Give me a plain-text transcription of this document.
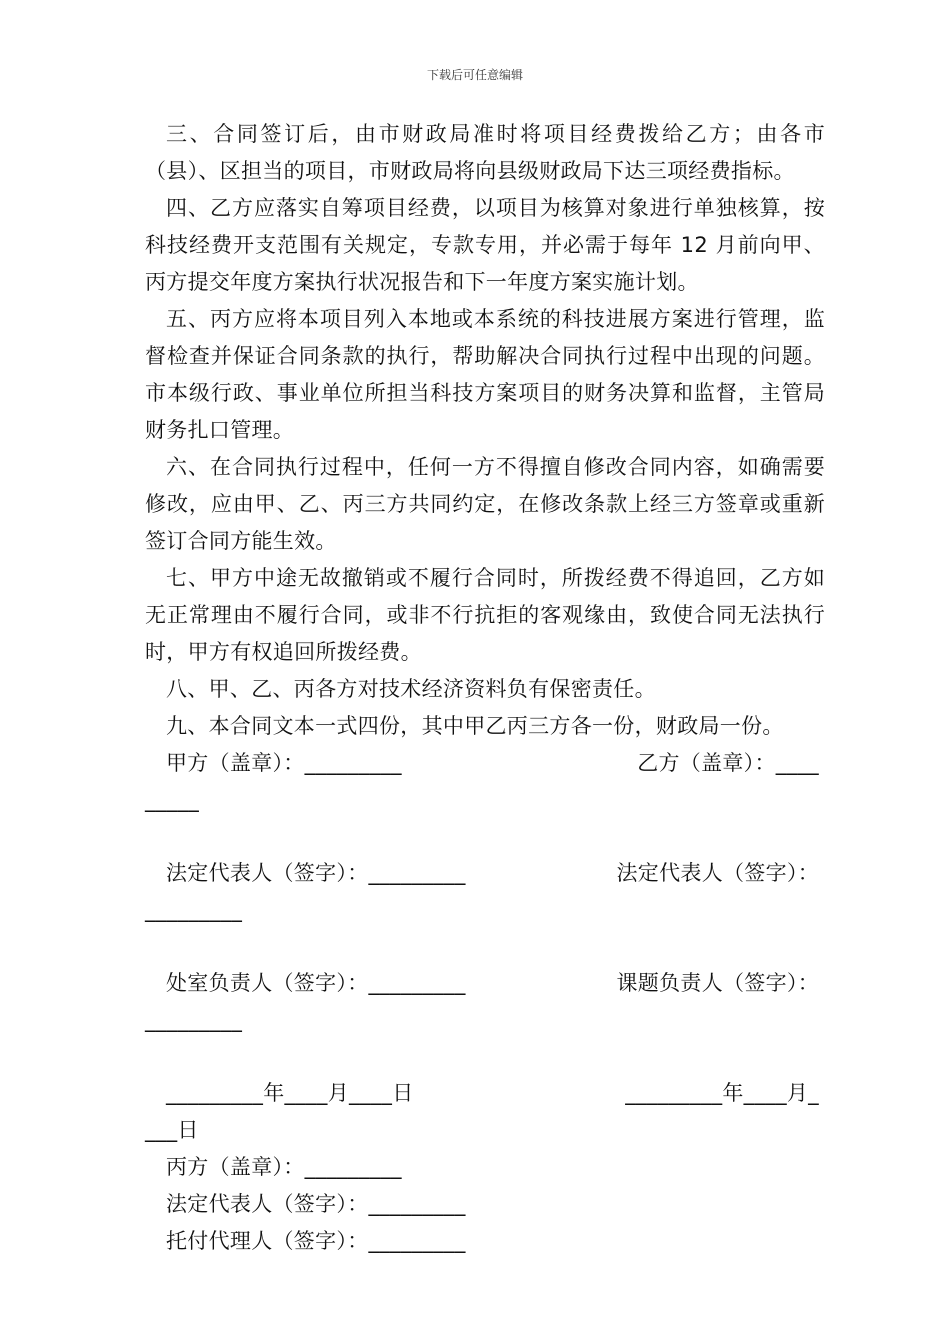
下载后可任意编辑

三、合同签订后，由市财政局准时将项目经费拨给乙方；由各市（县）、区担当的项目，市财政局将向县级财政局下达三项经费指标。

四、乙方应落实自筹项目经费，以项目为核算对象进行单独核算，按科技经费开支范围有关规定，专款专用，并必需于每年 12 月前向甲、丙方提交年度方案执行状况报告和下一年度方案实施计划。

五、丙方应将本项目列入本地或本系统的科技进展方案进行管理，监督检查并保证合同条款的执行，帮助解决合同执行过程中出现的问题。市本级行政、事业单位所担当科技方案项目的财务决算和监督，主管局财务扎口管理。

六、在合同执行过程中，任何一方不得擅自修改合同内容，如确需要修改，应由甲、乙、丙三方共同约定，在修改条款上经三方签章或重新签订合同方能生效。

七、甲方中途无故撤销或不履行合同时，所拨经费不得追回，乙方如无正常理由不履行合同，或非不行抗拒的客观缘由，致使合同无法执行时，甲方有权追回所拨经费。

八、甲、乙、丙各方对技术经济资料负有保密责任。

九、本合同文本一式四份，其中甲乙丙三方各一份，财政局一份。

甲方（盖章）：_________	乙方（盖章）：____
_____
法定代表人（签字）：_________	法定代表人（签字）：
_________
处室负责人（签字）：_________	课题负责人（签字）：
_________
_________年____月____日	_________年____月_
___日
丙方（盖章）：_________
法定代表人（签字）：_________
托付代理人（签字）：_________
